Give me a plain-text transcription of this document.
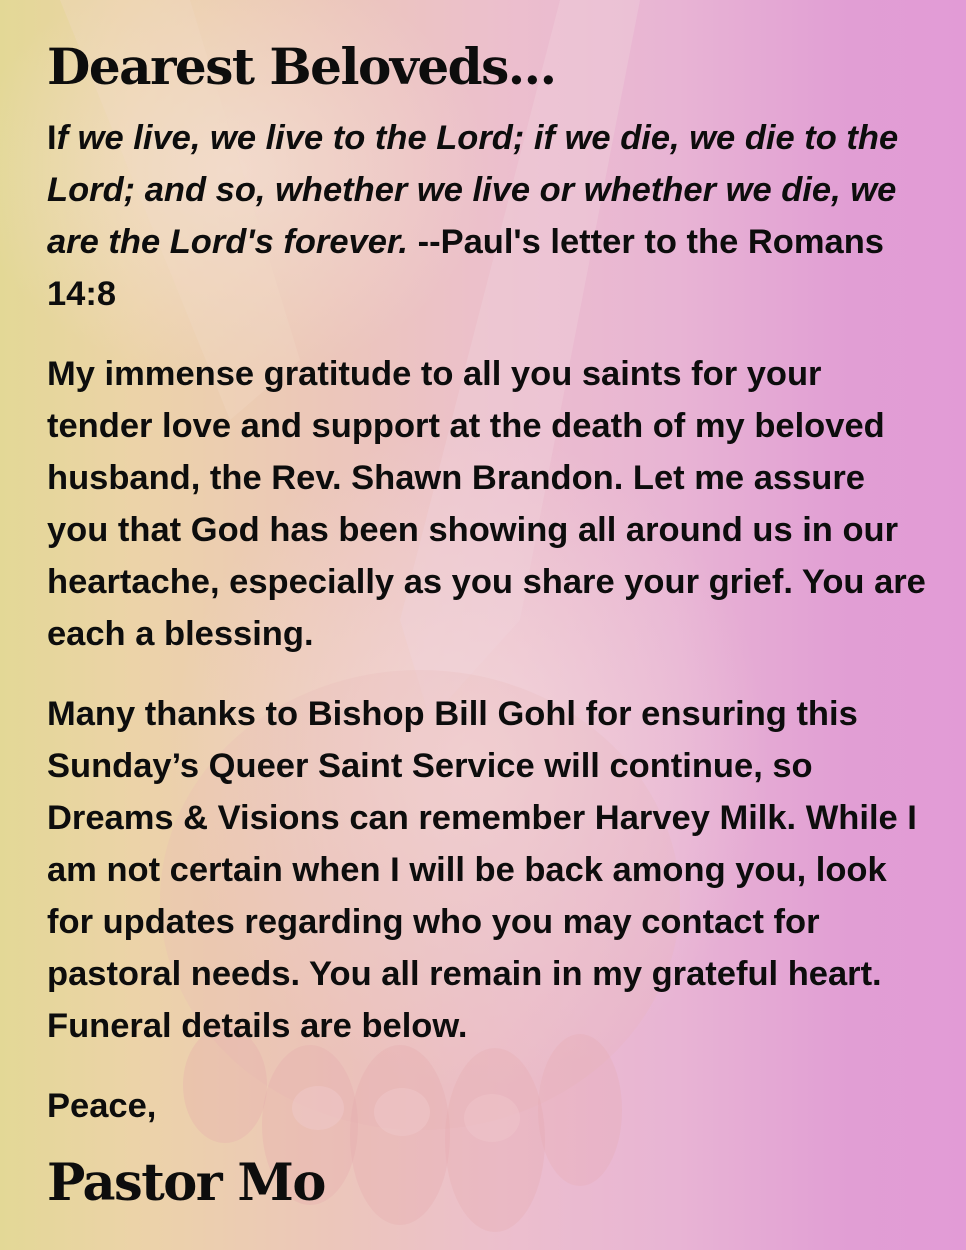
Dearest Beloveds...

If we live, we live to the Lord; if we die, we die to the Lord; and so, whether we live or whether we die, we are the Lord's forever. --Paul's letter to the Romans 14:8

My immense gratitude to all you saints for your tender love and support at the death of my beloved husband, the Rev. Shawn Brandon. Let me assure you that God has been showing all around us in our heartache, especially as you share your grief. You are each a blessing.

Many thanks to Bishop Bill Gohl for ensuring this Sunday’s Queer Saint Service will continue, so Dreams & Visions can remember Harvey Milk. While I am not certain when I will be back among you, look for updates regarding who you may contact for pastoral needs. You all remain in my grateful heart. Funeral details are below.

Peace,

Pastor Mo
